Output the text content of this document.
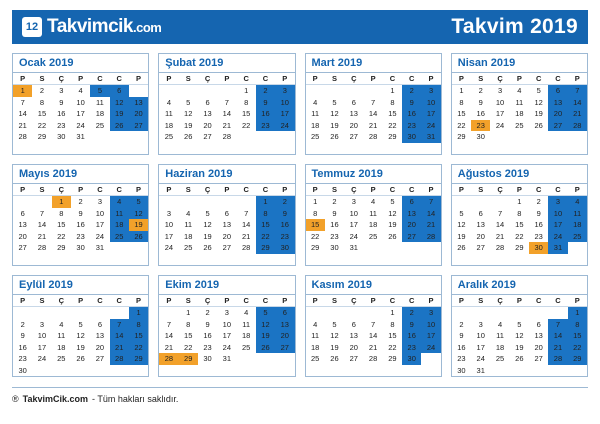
12 Takvimcik.com	Takvim 2019
Ocak 2019
P	S	Ç	P	C	C	P
1	2	3	4	5	6	
7	8	9	10	11	12	13
14	15	16	17	18	19	20
21	22	23	24	25	26	27
28	29	30	31			

Şubat 2019
P	S	Ç	P	C	C	P
				1	2	3
4	5	6	7	8	9	10
11	12	13	14	15	16	17
18	19	20	21	22	23	24
25	26	27	28			

Mart 2019
P	S	Ç	P	C	C	P
				1	2	3
4	5	6	7	8	9	10
11	12	13	14	15	16	17
18	19	20	21	22	23	24
25	26	27	28	29	30	31

Nisan 2019
P	S	Ç	P	C	C	P
1	2	3	4	5	6	7
8	9	10	11	12	13	14
15	16	17	18	19	20	21
22	23	24	25	26	27	28
29	30					

Mayıs 2019
P	S	Ç	P	C	C	P
		1	2	3	4	5
6	7	8	9	10	11	12
13	14	15	16	17	18	19
20	21	22	23	24	25	26
27	28	29	30	31		

Haziran 2019
P	S	Ç	P	C	C	P
					1	2
3	4	5	6	7	8	9
10	11	12	13	14	15	16
17	18	19	20	21	22	23
24	25	26	27	28	29	30

Temmuz 2019
P	S	Ç	P	C	C	P
1	2	3	4	5	6	7
8	9	10	11	12	13	14
15	16	17	18	19	20	21
22	23	24	25	26	27	28
29	30	31				

Ağustos 2019
P	S	Ç	P	C	C	P
			1	2	3	4
5	6	7	8	9	10	11
12	13	14	15	16	17	18
19	20	21	22	23	24	25
26	27	28	29	30	31	

Eylül 2019
P	S	Ç	P	C	C	P
						1
2	3	4	5	6	7	8
9	10	11	12	13	14	15
16	17	18	19	20	21	22
23	24	25	26	27	28	29
30						
Ekim 2019
P	S	Ç	P	C	C	P
	1	2	3	4	5	6
7	8	9	10	11	12	13
14	15	16	17	18	19	20
21	22	23	24	25	26	27
28	29	30	31			

Kasım 2019
P	S	Ç	P	C	C	P
				1	2	3
4	5	6	7	8	9	10
11	12	13	14	15	16	17
18	19	20	21	22	23	24
25	26	27	28	29	30	

Aralık 2019
P	S	Ç	P	C	C	P
						1
2	3	4	5	6	7	8
9	10	11	12	13	14	15
16	17	18	19	20	21	22
23	24	25	26	27	28	29
30	31					
® TakvimCik.com - Tüm hakları saklıdır.
